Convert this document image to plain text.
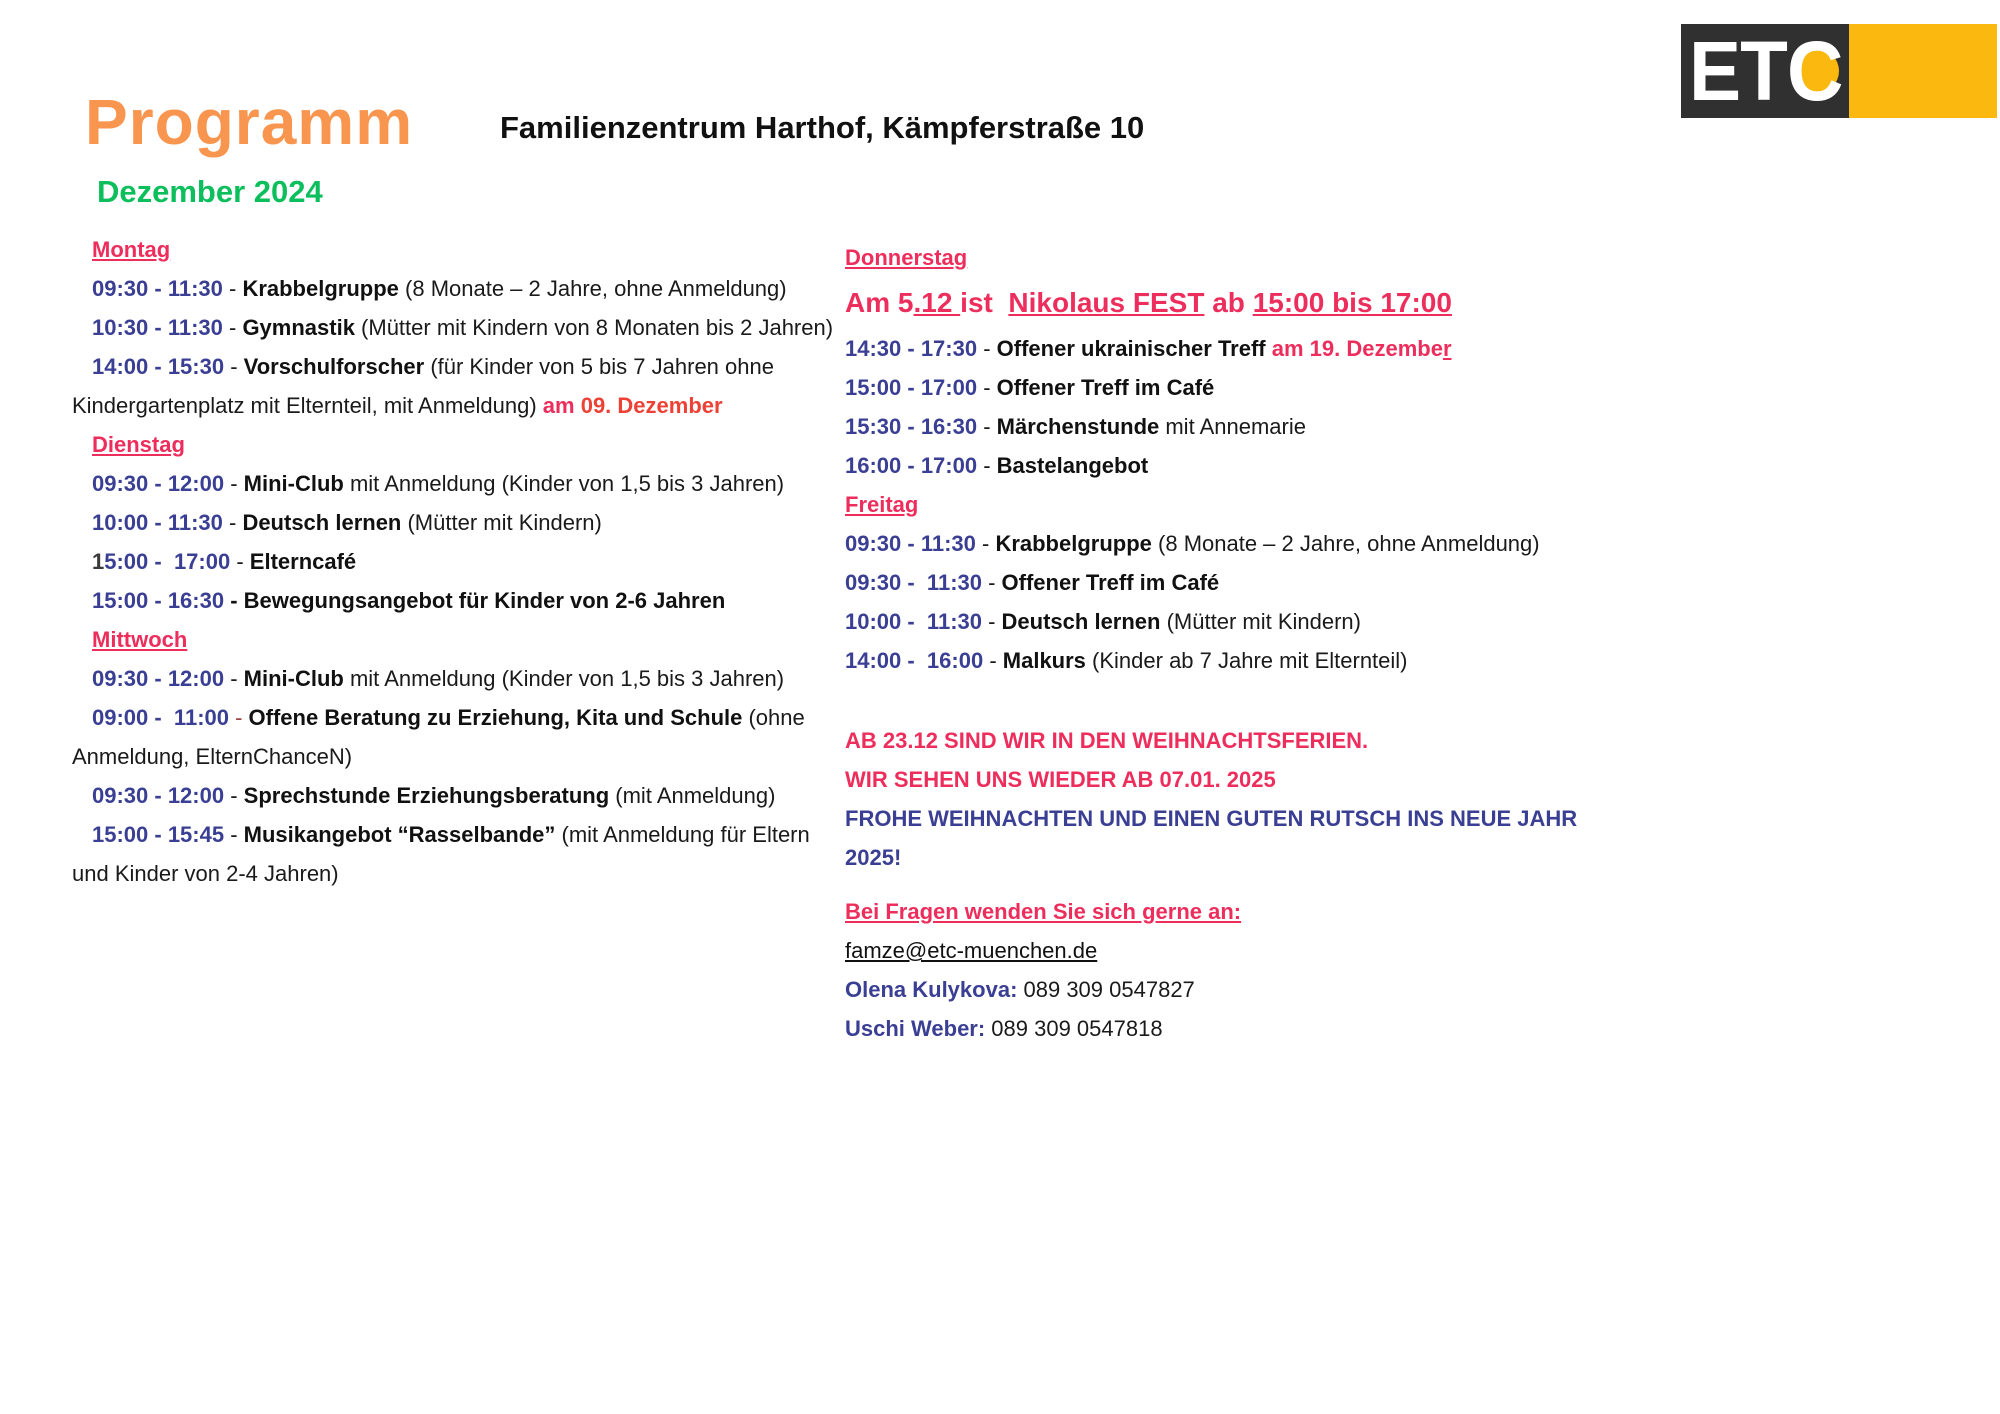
ETC
Programm	Familienzentrum Harthof, Kämpferstraße 10
Dezember 2024
Montag
09:30 - 11:30 - Krabbelgruppe (8 Monate – 2 Jahre, ohne Anmeldung)
10:30 - 11:30 - Gymnastik (Mütter mit Kindern von 8 Monaten bis 2 Jahren)
14:00 - 15:30 - Vorschulforscher (für Kinder von 5 bis 7 Jahren ohne
Kindergartenplatz mit Elternteil, mit Anmeldung) am 09. Dezember
Dienstag
09:30 - 12:00 - Mini-Club mit Anmeldung (Kinder von 1,5 bis 3 Jahren)
10:00 - 11:30 - Deutsch lernen (Mütter mit Kindern)
15:00 -  17:00 - Elterncafé
15:00 - 16:30 - Bewegungsangebot für Kinder von 2-6 Jahren
Mittwoch
09:30 - 12:00 - Mini-Club mit Anmeldung (Kinder von 1,5 bis 3 Jahren)
09:00 -  11:00 - Offene Beratung zu Erziehung, Kita und Schule (ohne
Anmeldung, ElternChanceN)
09:30 - 12:00 - Sprechstunde Erziehungsberatung (mit Anmeldung)
15:00 - 15:45 - Musikangebot “Rasselbande” (mit Anmeldung für Eltern
und Kinder von 2-4 Jahren)
Donnerstag
Am 5.12 ist  Nikolaus FEST ab 15:00 bis 17:00
14:30 - 17:30 - Offener ukrainischer Treff am 19. Dezember
15:00 - 17:00 - Offener Treff im Café
15:30 - 16:30 - Märchenstunde mit Annemarie
16:00 - 17:00 - Bastelangebot
Freitag
09:30 - 11:30 - Krabbelgruppe (8 Monate – 2 Jahre, ohne Anmeldung)
09:30 -  11:30 - Offener Treff im Café
10:00 -  11:30 - Deutsch lernen (Mütter mit Kindern)
14:00 -  16:00 - Malkurs (Kinder ab 7 Jahre mit Elternteil)
AB 23.12 SIND WIR IN DEN WEIHNACHTSFERIEN.
WIR SEHEN UNS WIEDER AB 07.01. 2025
FROHE WEIHNACHTEN UND EINEN GUTEN RUTSCH INS NEUE JAHR
2025!
Bei Fragen wenden Sie sich gerne an:
famze@etc-muenchen.de
Olena Kulykova: 089 309 0547827
Uschi Weber: 089 309 0547818
